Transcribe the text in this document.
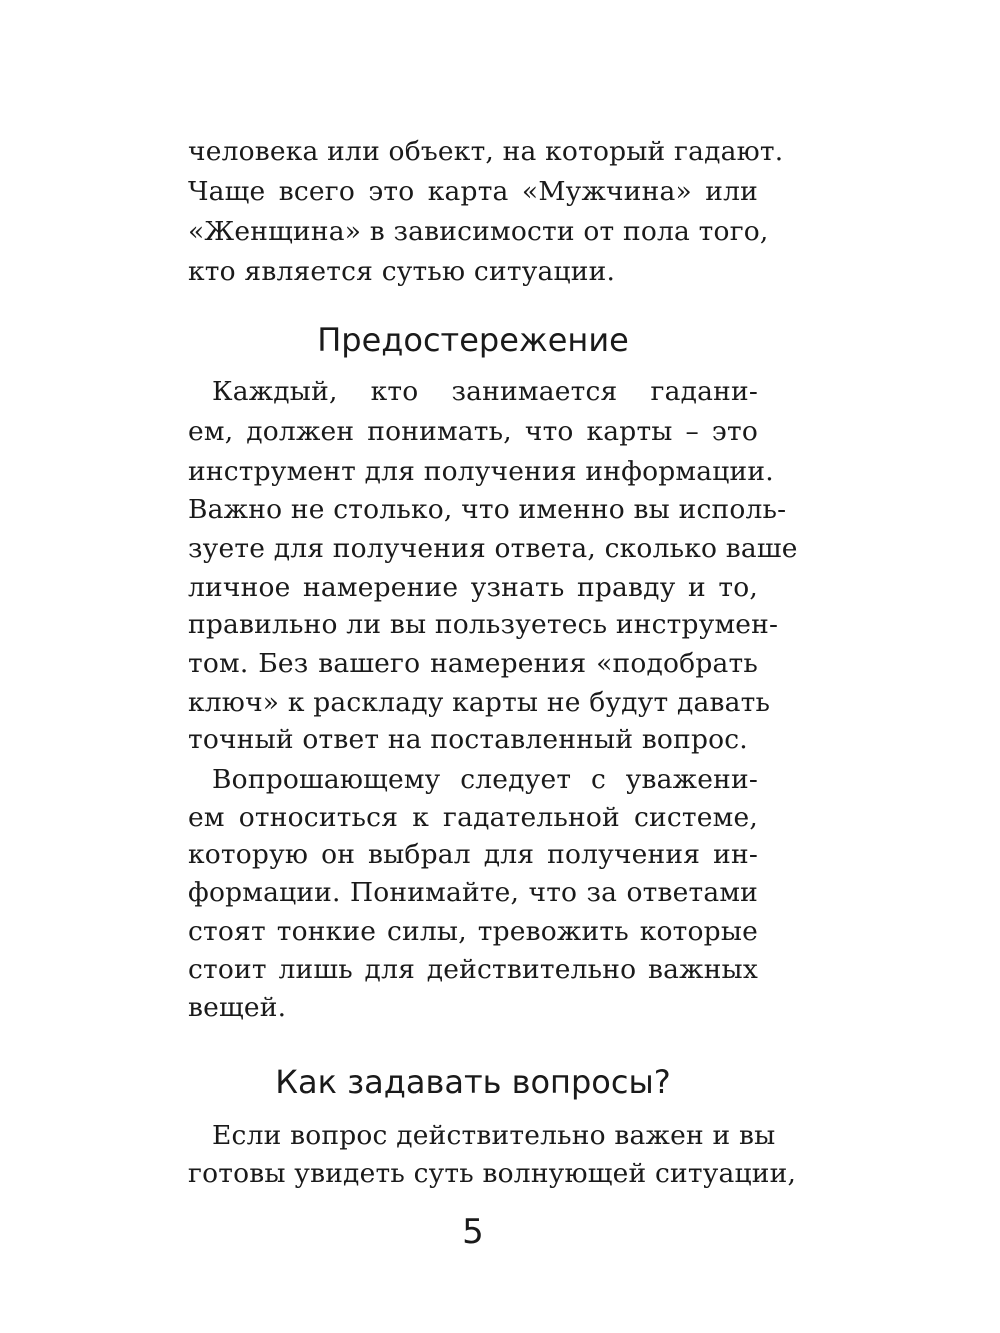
человека или объект, на который гадают.
Чаще всего это карта «Мужчина» или
«Женщина» в зависимости от пола того,
кто является сутью ситуации.
Предостережение
Каждый, кто занимается гадани-
ем, должен понимать, что карты – это
инструмент для получения информации.
Важно не столько, что именно вы исполь-
зуете для получения ответа, сколько ваше
личное намерение узнать правду и то,
правильно ли вы пользуетесь инструмен-
том. Без вашего намерения «подобрать
ключ» к раскладу карты не будут давать
точный ответ на поставленный вопрос.
Вопрошающему следует с уважени-
ем относиться к гадательной системе,
которую он выбрал для получения ин-
формации. Понимайте, что за ответами
стоят тонкие силы, тревожить которые
стоит лишь для действительно важных
вещей.
Как задавать вопросы?
Если вопрос действительно важен и вы
готовы увидеть суть волнующей ситуации,
5
